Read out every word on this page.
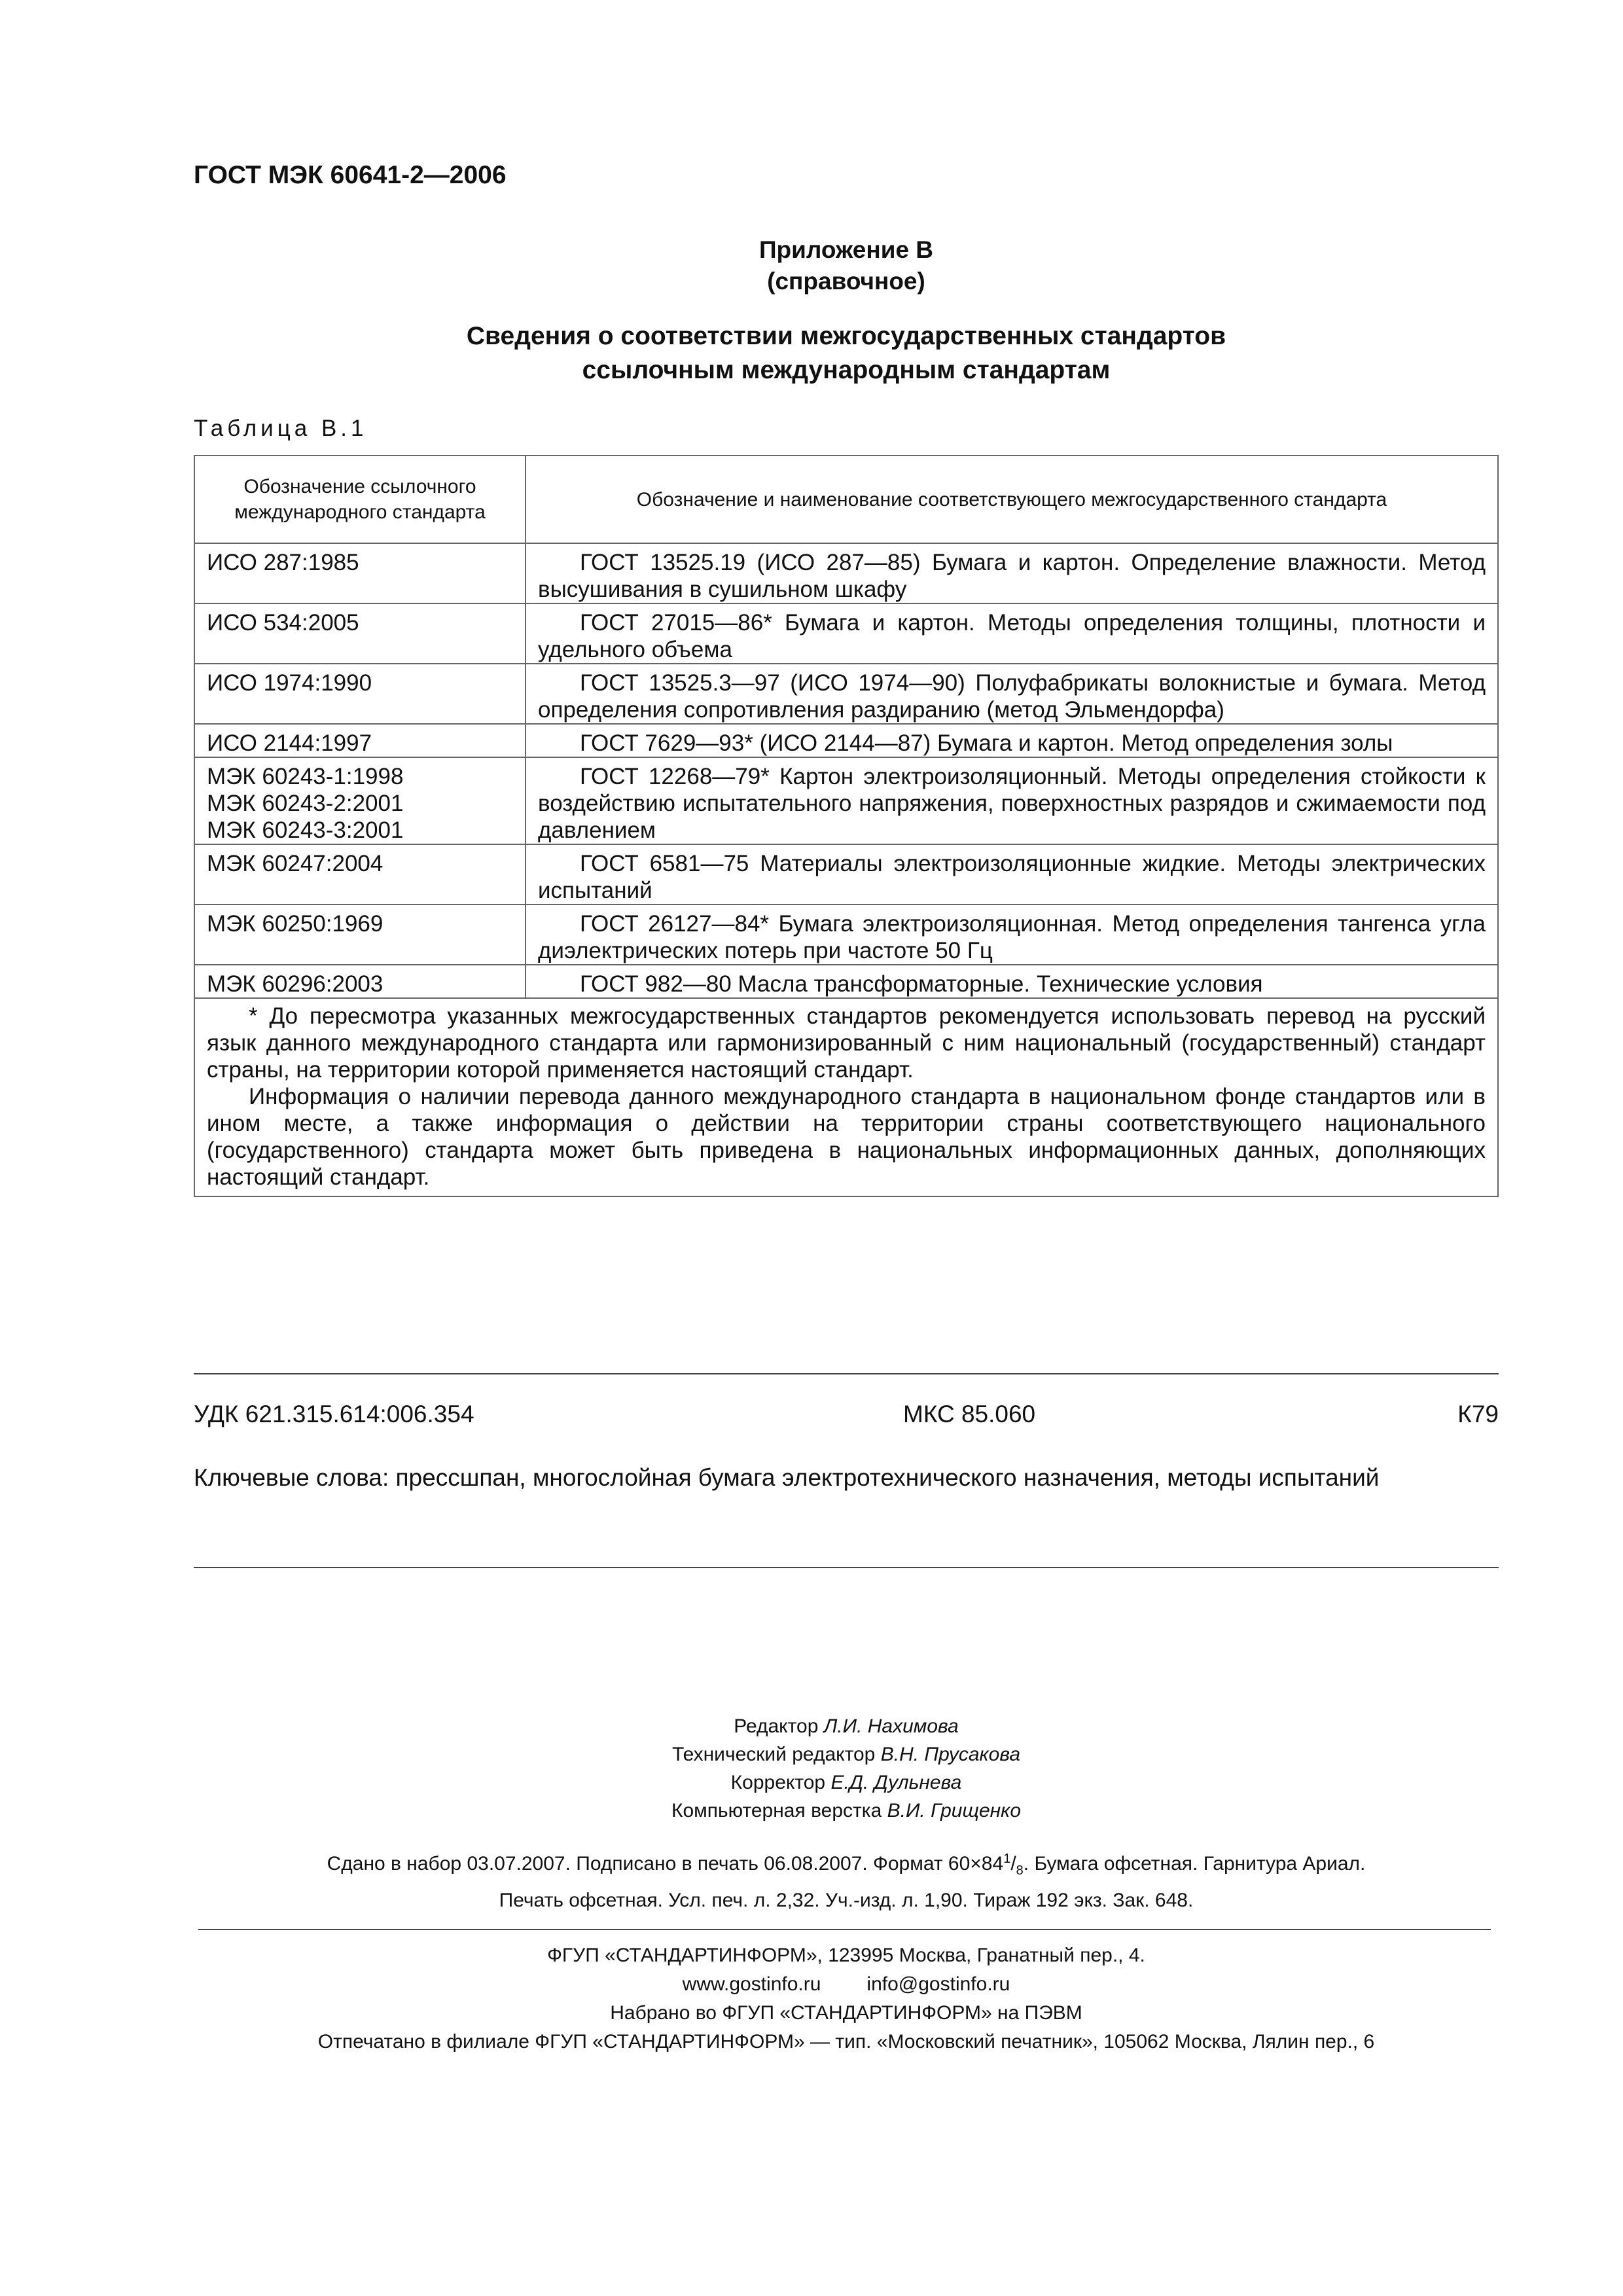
ГОСТ МЭК 60641-2—2006
Приложение В
(справочное)
Сведения о соответствии межгосударственных стандартов
ссылочным международным стандартам
Таблица В.1
Обозначение ссылочного международного стандарта	Обозначение и наименование соответствующего межгосударственного стандарта

ИСО 287:1985	ГОСТ 13525.19 (ИСО 287—85) Бумага и картон. Определение влажности. Метод высушивания в сушильном шкафу

ИСО 534:2005	ГОСТ 27015—86* Бумага и картон. Методы определения толщины, плотности и удельного объема

ИСО 1974:1990	ГОСТ 13525.3—97 (ИСО 1974—90) Полуфабрикаты волокнистые и бумага. Метод определения сопротивления раздиранию (метод Эльмендорфа)

ИСО 2144:1997	ГОСТ 7629—93* (ИСО 2144—87) Бумага и картон. Метод определения золы

МЭК 60243-1:1998
МЭК 60243-2:2001
МЭК 60243-3:2001	ГОСТ 12268—79* Картон электроизоляционный. Методы определения стойкости к воздействию испытательного напряжения, поверхностных разрядов и сжимаемости под давлением

МЭК 60247:2004	ГОСТ 6581—75 Материалы электроизоляционные жидкие. Методы электрических испытаний

МЭК 60250:1969	ГОСТ 26127—84* Бумага электроизоляционная. Метод определения тангенса угла диэлектрических потерь при частоте 50 Гц

МЭК 60296:2003	ГОСТ 982—80 Масла трансформаторные. Технические условия

* До пересмотра указанных межгосударственных стандартов рекомендуется использовать перевод на русский язык данного международного стандарта или гармонизированный с ним национальный (государственный) стандарт страны, на территории которой применяется настоящий стандарт.
Информация о наличии перевода данного международного стандарта в национальном фонде стандартов или в ином месте, а также информация о действии на территории страны соответствующего национального (государственного) стандарта может быть приведена в национальных информационных данных, дополняющих настоящий стандарт.	
УДК 621.315.614:006.354	МКС 85.060	К79
Ключевые слова: прессшпан, многослойная бумага электротехнического назначения, методы испытаний
Редактор Л.И. Нахимова
Технический редактор В.Н. Прусакова
Корректор Е.Д. Дульнева
Компьютерная верстка В.И. Грищенко
Сдано в набор 03.07.2007. Подписано в печать 06.08.2007. Формат $60\times 84^1/_8$. Бумага офсетная. Гарнитура Ариал.
Печать офсетная. Усл. печ. л. 2,32. Уч.-изд. л. 1,90. Тираж 192 экз. Зак. 648.
ФГУП «СТАНДАРТИНФОРМ», 123995 Москва, Гранатный пер., 4.
www.gostinfo.ru info@gostinfo.ru
Набрано во ФГУП «СТАНДАРТИНФОРМ» на ПЭВМ
Отпечатано в филиале ФГУП «СТАНДАРТИНФОРМ» — тип. «Московский печатник», 105062 Москва, Лялин пер., 6
